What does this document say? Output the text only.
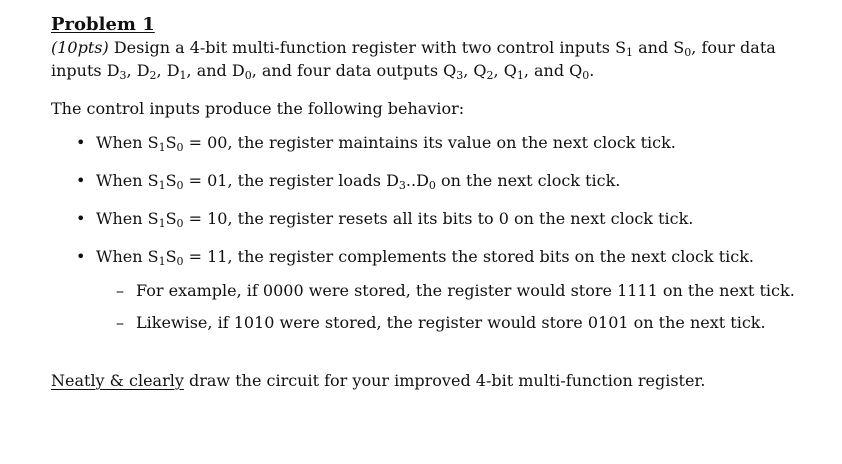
Problem 1
(10pts) Design a 4-bit multi-function register with two control inputs $S_1$ and $S_0$, four data
inputs $D_3$, $D_2$, $D_1$, and $D_0$, and four data outputs $Q_3$, $Q_2$, $Q_1$, and $Q_0$.
The control inputs produce the following behavior:
• When $S_1S_0 = 00$, the register maintains its value on the next clock tick.
• When $S_1S_0 = 01$, the register loads $D_3..D_0$ on the next clock tick.
• When $S_1S_0 = 10$, the register resets all its bits to 0 on the next clock tick.
• When $S_1S_0 = 11$, the register complements the stored bits on the next clock tick.
– For example, if 0000 were stored, the register would store 1111 on the next tick.
– Likewise, if 1010 were stored, the register would store 0101 on the next tick.
Neatly & clearly draw the circuit for your improved 4-bit multi-function register.
